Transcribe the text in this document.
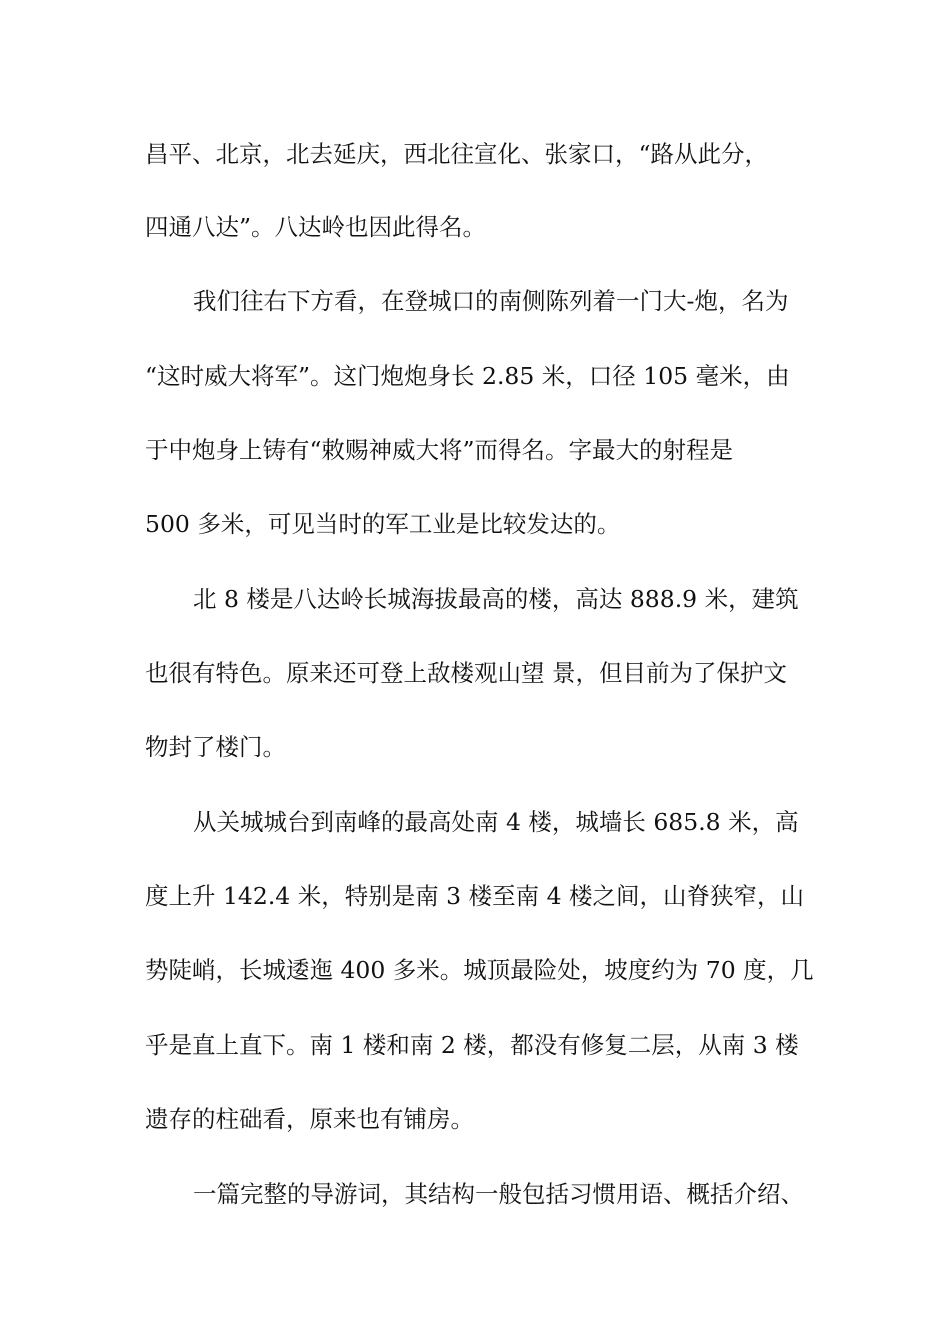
昌平、北京，北去延庆，西北往宣化、张家口，“路从此分，
四通八达”。八达岭也因此得名。
我们往右下方看，在登城口的南侧陈列着一门大-炮，名为
“这时威大将军”。这门炮炮身长 2.85 米，口径 105 毫米，由
于中炮身上铸有“敕赐神威大将”而得名。字最大的射程是
500 多米，可见当时的军工业是比较发达的。
北 8 楼是八达岭长城海拔最高的楼，高达 888.9 米，建筑
也很有特色。原来还可登上敌楼观山望 景，但目前为了保护文
物封了楼门。
从关城城台到南峰的最高处南 4 楼，城墙长 685.8 米，高
度上升 142.4 米，特别是南 3 楼至南 4 楼之间，山脊狭窄，山
势陡峭，长城逶迤 400 多米。城顶最险处，坡度约为 70 度，几
乎是直上直下。南 1 楼和南 2 楼，都没有修复二层，从南 3 楼
遗存的柱础看，原来也有铺房。
一篇完整的导游词，其结构一般包括习惯用语、概括介绍、
